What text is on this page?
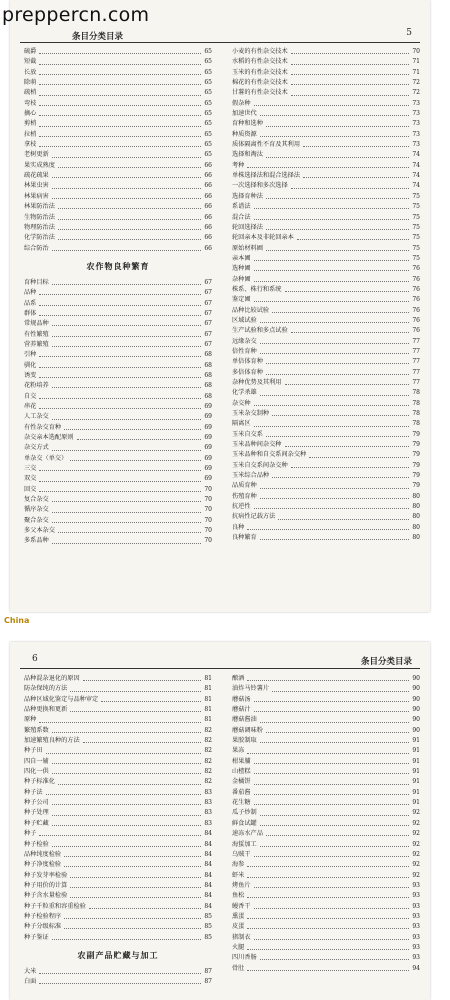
prepperc​n.com
条目分类目录	5
硫爵	65
短截	65
长放	65
除萌	65
疏梢	65
弯枝	65
摘心	65
剪梢	65
拉梢	65
拿枝	65
老树更新	65
果实成熟度	66
疏花疏果	66
林果虫害	66
林果病害	66
林果防治法	66
生物防治法	66
物理防治法	66
化学防治法	66
综合防治	66
农作物良种繁育
育种目标	67
品种	67
品系	67
群体	67
常规品种	67
有性繁殖	67
营养繁殖	67
引种	68
驯化	68
诱变	68
花粉培养	68
自交	68
串花	69
人工杂交	69
有性杂交育种	69
杂交亲本选配原则	69
杂交方式	69
单杂交（单交）	69
三交	69
双交	69
回交	70
复合杂交	70
循序杂交	70
聚合杂交	70
多父本杂交	70
多系品种	70
小麦的有性杂交技术	70
水稻的有性杂交技术	71
玉米的有性杂交技术	71
棉花的有性杂交技术	72
甘薯的有性杂交技术	72
假杂种	73
加速世代	73
育种和选种	73
种质资源	73
质体隔离性不育及其利用	73
选择和淘汰	74
考种	74
单株选择法和混合选择法	74
一次选择和多次选择	74
选择育种法	75
系谱法	75
混合法	75
轮回选择法	75
轮回亲本及非轮回亲本	75
原始材料圃	75
亲本圃	75
选种圃	76
杂种圃	76
株系、株行和系统	76
鉴定圃	76
品种比较试验	76
区域试验	76
生产试验和多点试验	76
远缘杂交	77
倍性育种	77
单倍体育种	77
多倍体育种	77
杂种优势及其利用	77
化学杀雄	78
杂交种	78
玉米杂交制种	78
隔离区	78
玉米自交系	79
玉米品种间杂交种	79
玉米品种和自交系间杂交种	79
玉米自交系间杂交种	79
玉米综合品种	79
品质育种	79
伤殖育种	80
抗逆性	80
抗病性记载方法	80
良种	80
良种繁育	80
China
6	条目分类目录
品种混杂退化的原因	81
防杂保纯的方法	81
品种区域化鉴定与品种审定	81
品种更换和更新	81
原种	81
繁殖系数	82
加速繁殖良种的方法	82
种子田	82
四自一辅	82
四化一供	82
种子标准化	82
种子法	83
种子公司	83
种子处理	83
种子贮藏	83
种子	84
种子检验	84
品种纯度检验	84
种子净度检验	84
种子发芽率检验	84
种子用价的计算	84
种子含水量检验	84
种子千粒重和容重检验	84
种子检验程序	85
种子分级标准	85
种子鉴证	85
农副产品贮藏与加工
大米	87
白面	87
酿酒	90
油炸马铃薯片	90
蘑菇汤	90
蘑菇汁	90
蘑菇酱油	90
蘑菇调味粉	90
果胶制取	91
果冻	91
柑果脯	91
山楂糕	91
金橘饼	91
番茄酱	91
花生糖	91
瓜子炒制	92
鲜食试罐	92
速冻水产品	92
海蜇加工	92
乌贼干	92
海参	92
虾米	92
烤鱼片	93
鱼松	93
鳗香干	93
熏蛋	93
皮蛋	93
猪制衣	93
火腿	93
四川香肠	93
骨肚	94
